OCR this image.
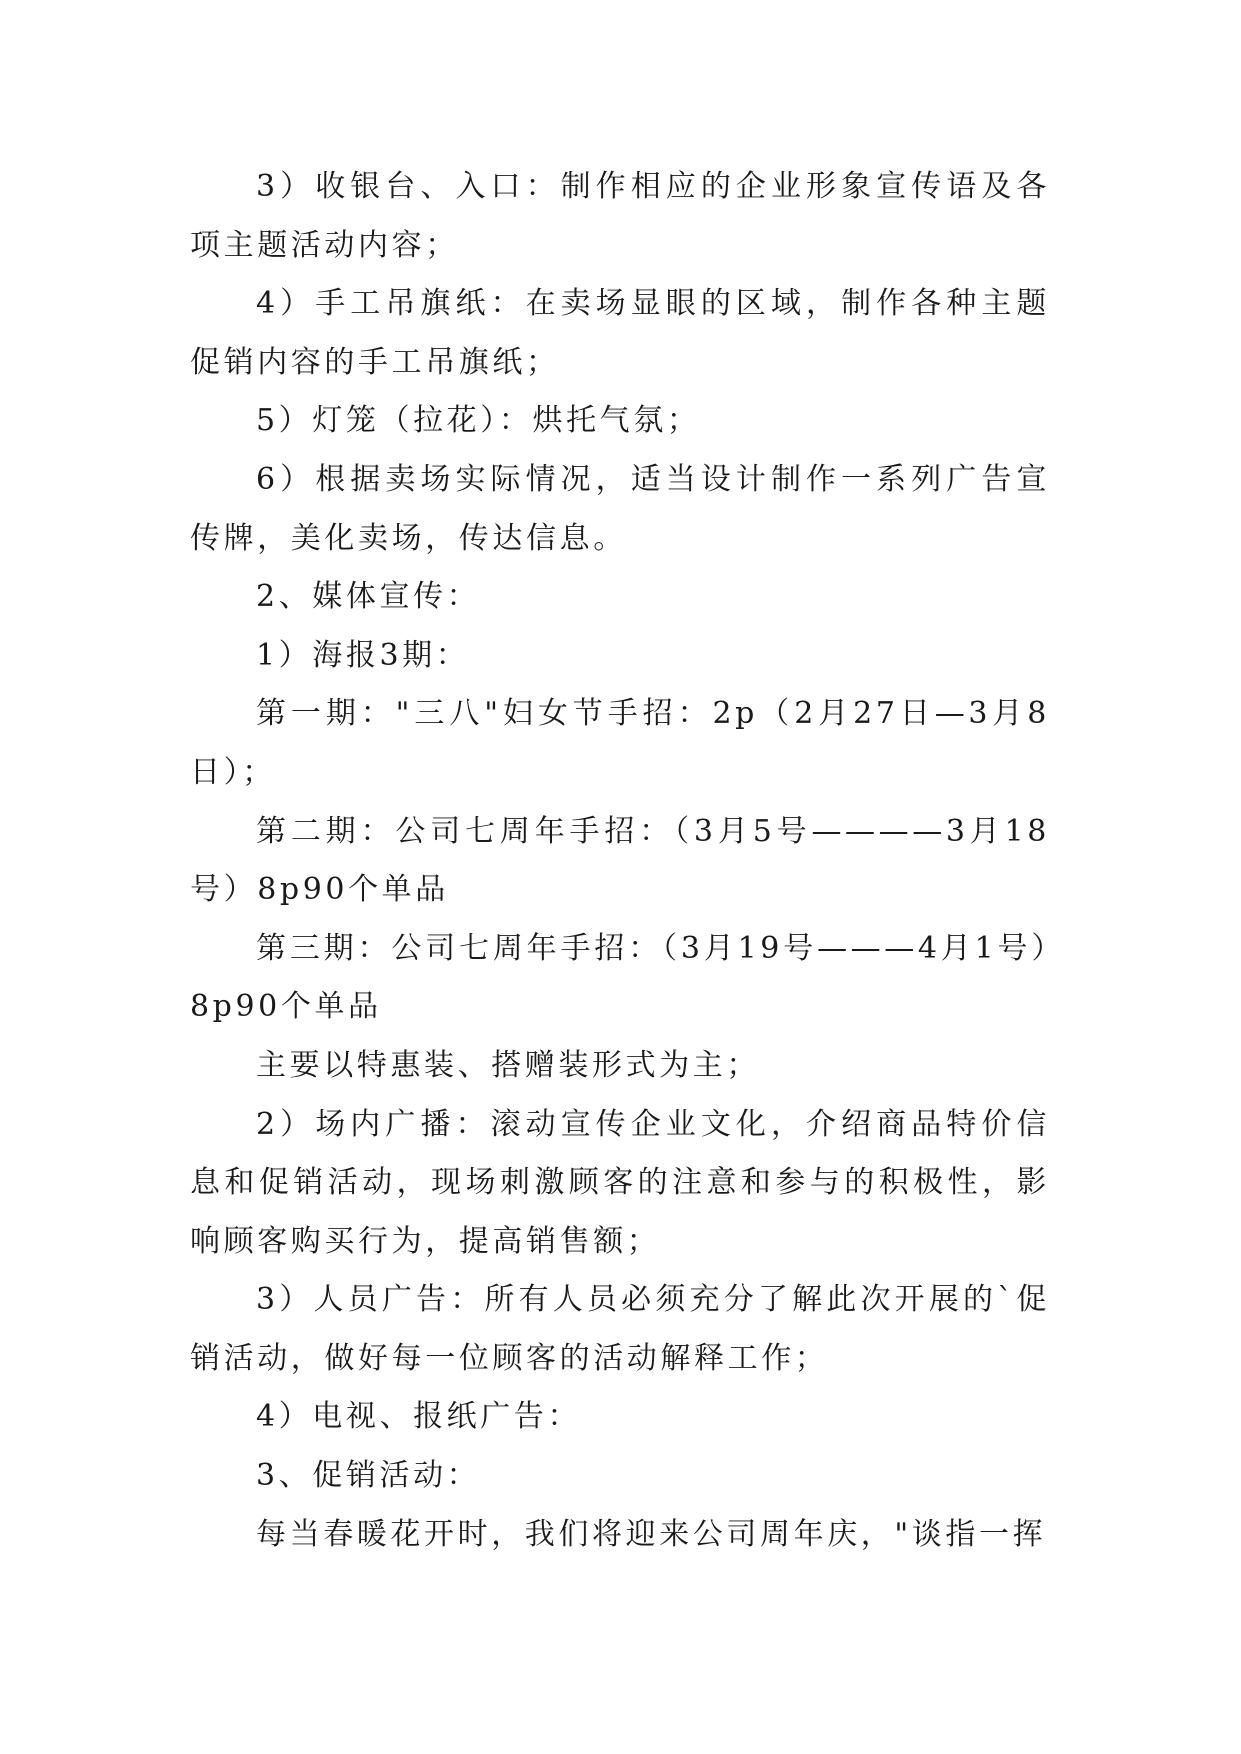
3）收银台、入口：制作相应的企业形象宣传语及各项主题活动内容；

4）手工吊旗纸：在卖场显眼的区域，制作各种主题促销内容的手工吊旗纸；

5）灯笼（拉花）：烘托气氛；

6）根据卖场实际情况，适当设计制作一系列广告宣传牌，美化卖场，传达信息。

2、媒体宣传：

1）海报3期：

第一期："三八"妇女节手招：2p（2月27日—3月8日）；

第二期：公司七周年手招：（3月5号————3月18号）8p90个单品

第三期：公司七周年手招：（3月19号———4月1号）8p90个单品

主要以特惠装、搭赠装形式为主；

2）场内广播：滚动宣传企业文化，介绍商品特价信息和促销活动，现场刺激顾客的注意和参与的积极性，影响顾客购买行为，提高销售额；

3）人员广告：所有人员必须充分了解此次开展的`促销活动，做好每一位顾客的活动解释工作；

4）电视、报纸广告：

3、促销活动：

每当春暖花开时，我们将迎来公司周年庆，"谈指一挥
